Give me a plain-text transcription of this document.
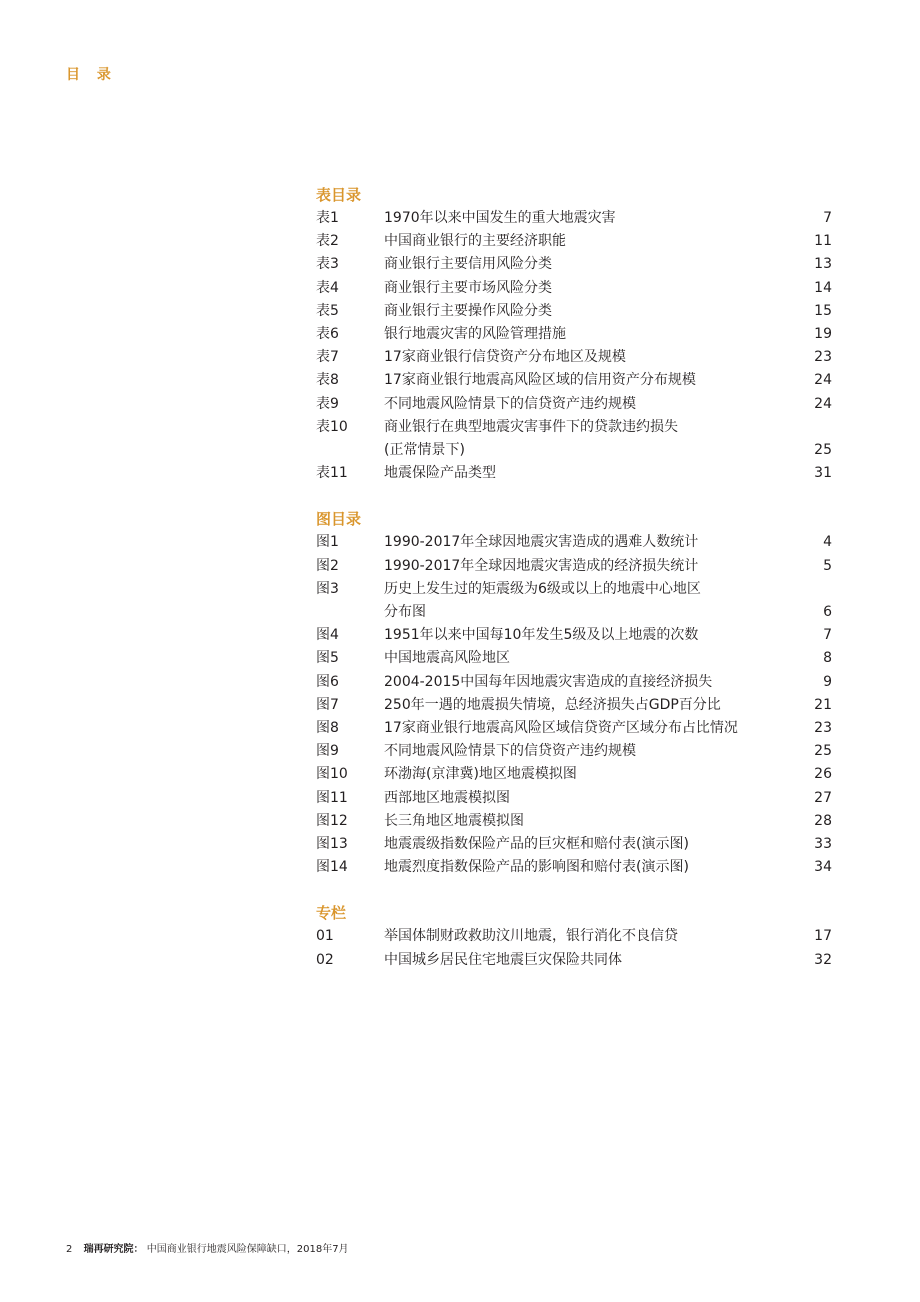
目 录
表目录
表1	1970年以来中国发生的重大地震灾害	7
表2	中国商业银行的主要经济职能	11
表3	商业银行主要信用风险分类	13
表4	商业银行主要市场风险分类	14
表5	商业银行主要操作风险分类	15
表6	银行地震灾害的风险管理措施	19
表7	17家商业银行信贷资产分布地区及规模	23
表8	17家商业银行地震高风险区域的信用资产分布规模	24
表9	不同地震风险情景下的信贷资产违约规模	24
表10	商业银行在典型地震灾害事件下的贷款违约损失
(正常情景下)	25
表11	地震保险产品类型	31
图目录
图1	1990-2017年全球因地震灾害造成的遇难人数统计	4
图2	1990-2017年全球因地震灾害造成的经济损失统计	5
图3	历史上发生过的矩震级为6级或以上的地震中心地区
分布图	6
图4	1951年以来中国每10年发生5级及以上地震的次数	7
图5	中国地震高风险地区	8
图6	2004-2015中国每年因地震灾害造成的直接经济损失	9
图7	250年一遇的地震损失情境，总经济损失占GDP百分比	21
图8	17家商业银行地震高风险区域信贷资产区域分布占比情况	23
图9	不同地震风险情景下的信贷资产违约规模	25
图10	环渤海(京津冀)地区地震模拟图	26
图11	西部地区地震模拟图	27
图12	长三角地区地震模拟图	28
图13	地震震级指数保险产品的巨灾框和赔付表(演示图)	33
图14	地震烈度指数保险产品的影响图和赔付表(演示图)	34
专栏
01	举国体制财政救助汶川地震，银行消化不良信贷	17
02	中国城乡居民住宅地震巨灾保险共同体	32
2 瑞再研究院： 中国商业银行地震风险保障缺口，2018年7月
